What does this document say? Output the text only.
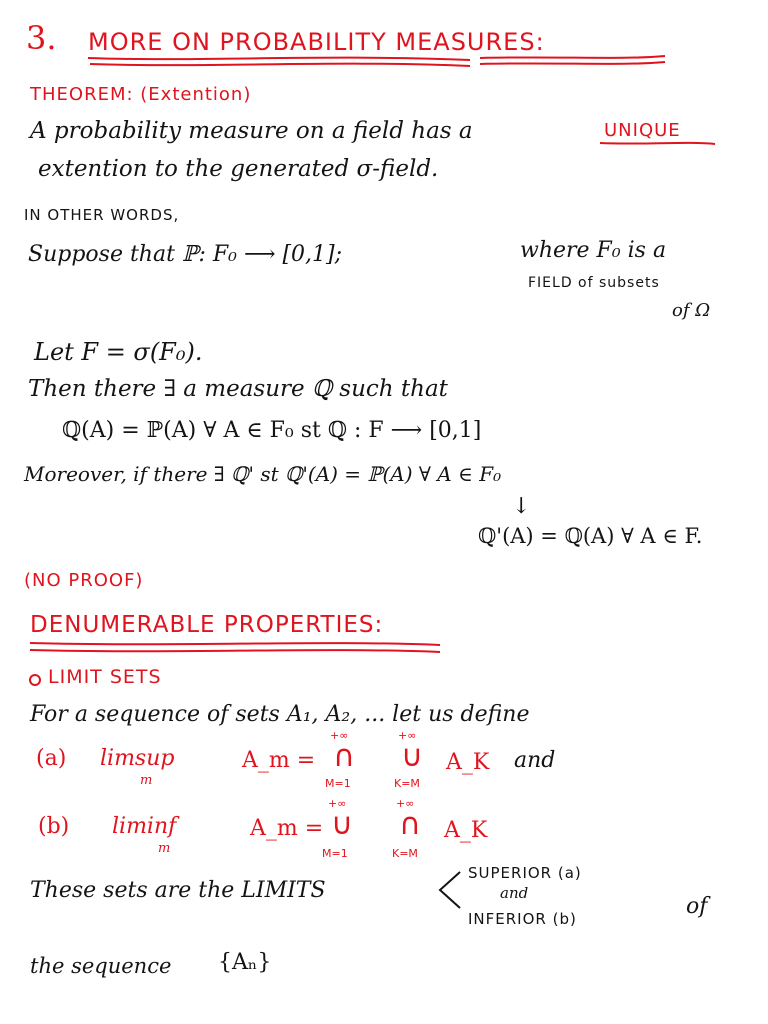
3. MORE ON PROBABILITY MEASURES:
THEOREM: (Extention)
A probability measure on a field has a	UNIQUE
extention to the generated σ-field.
IN OTHER WORDS,
Suppose that ℙ: F₀ ⟶ [0,1];	where F₀ is a
FIELD of subsets
of Ω
Let F = σ(F₀).
Then there ∃ a measure ℚ such that
ℚ(A) = ℙ(A) ∀ A ∈ F₀ st ℚ : F ⟶ [0,1]
Moreover, if there ∃ ℚ' st ℚ'(A) = ℙ(A) ∀ A ∈ F₀
↓
ℚ'(A) = ℚ(A) ∀ A ∈ F.
(NO PROOF)
DENUMERABLE PROPERTIES:
LIMIT SETS
For a sequence of sets A₁, A₂, ... let us define
(a) limsup
m
A_m =
+∞
∩
M=1
+∞
∪
K=M
A_K and
(b) liminf
m
A_m =
+∞
∪
M=1
+∞
∩
K=M
A_K
These sets are the LIMITS
SUPERIOR (a)
and
INFERIOR (b)	of
the sequence {Aₙ}
